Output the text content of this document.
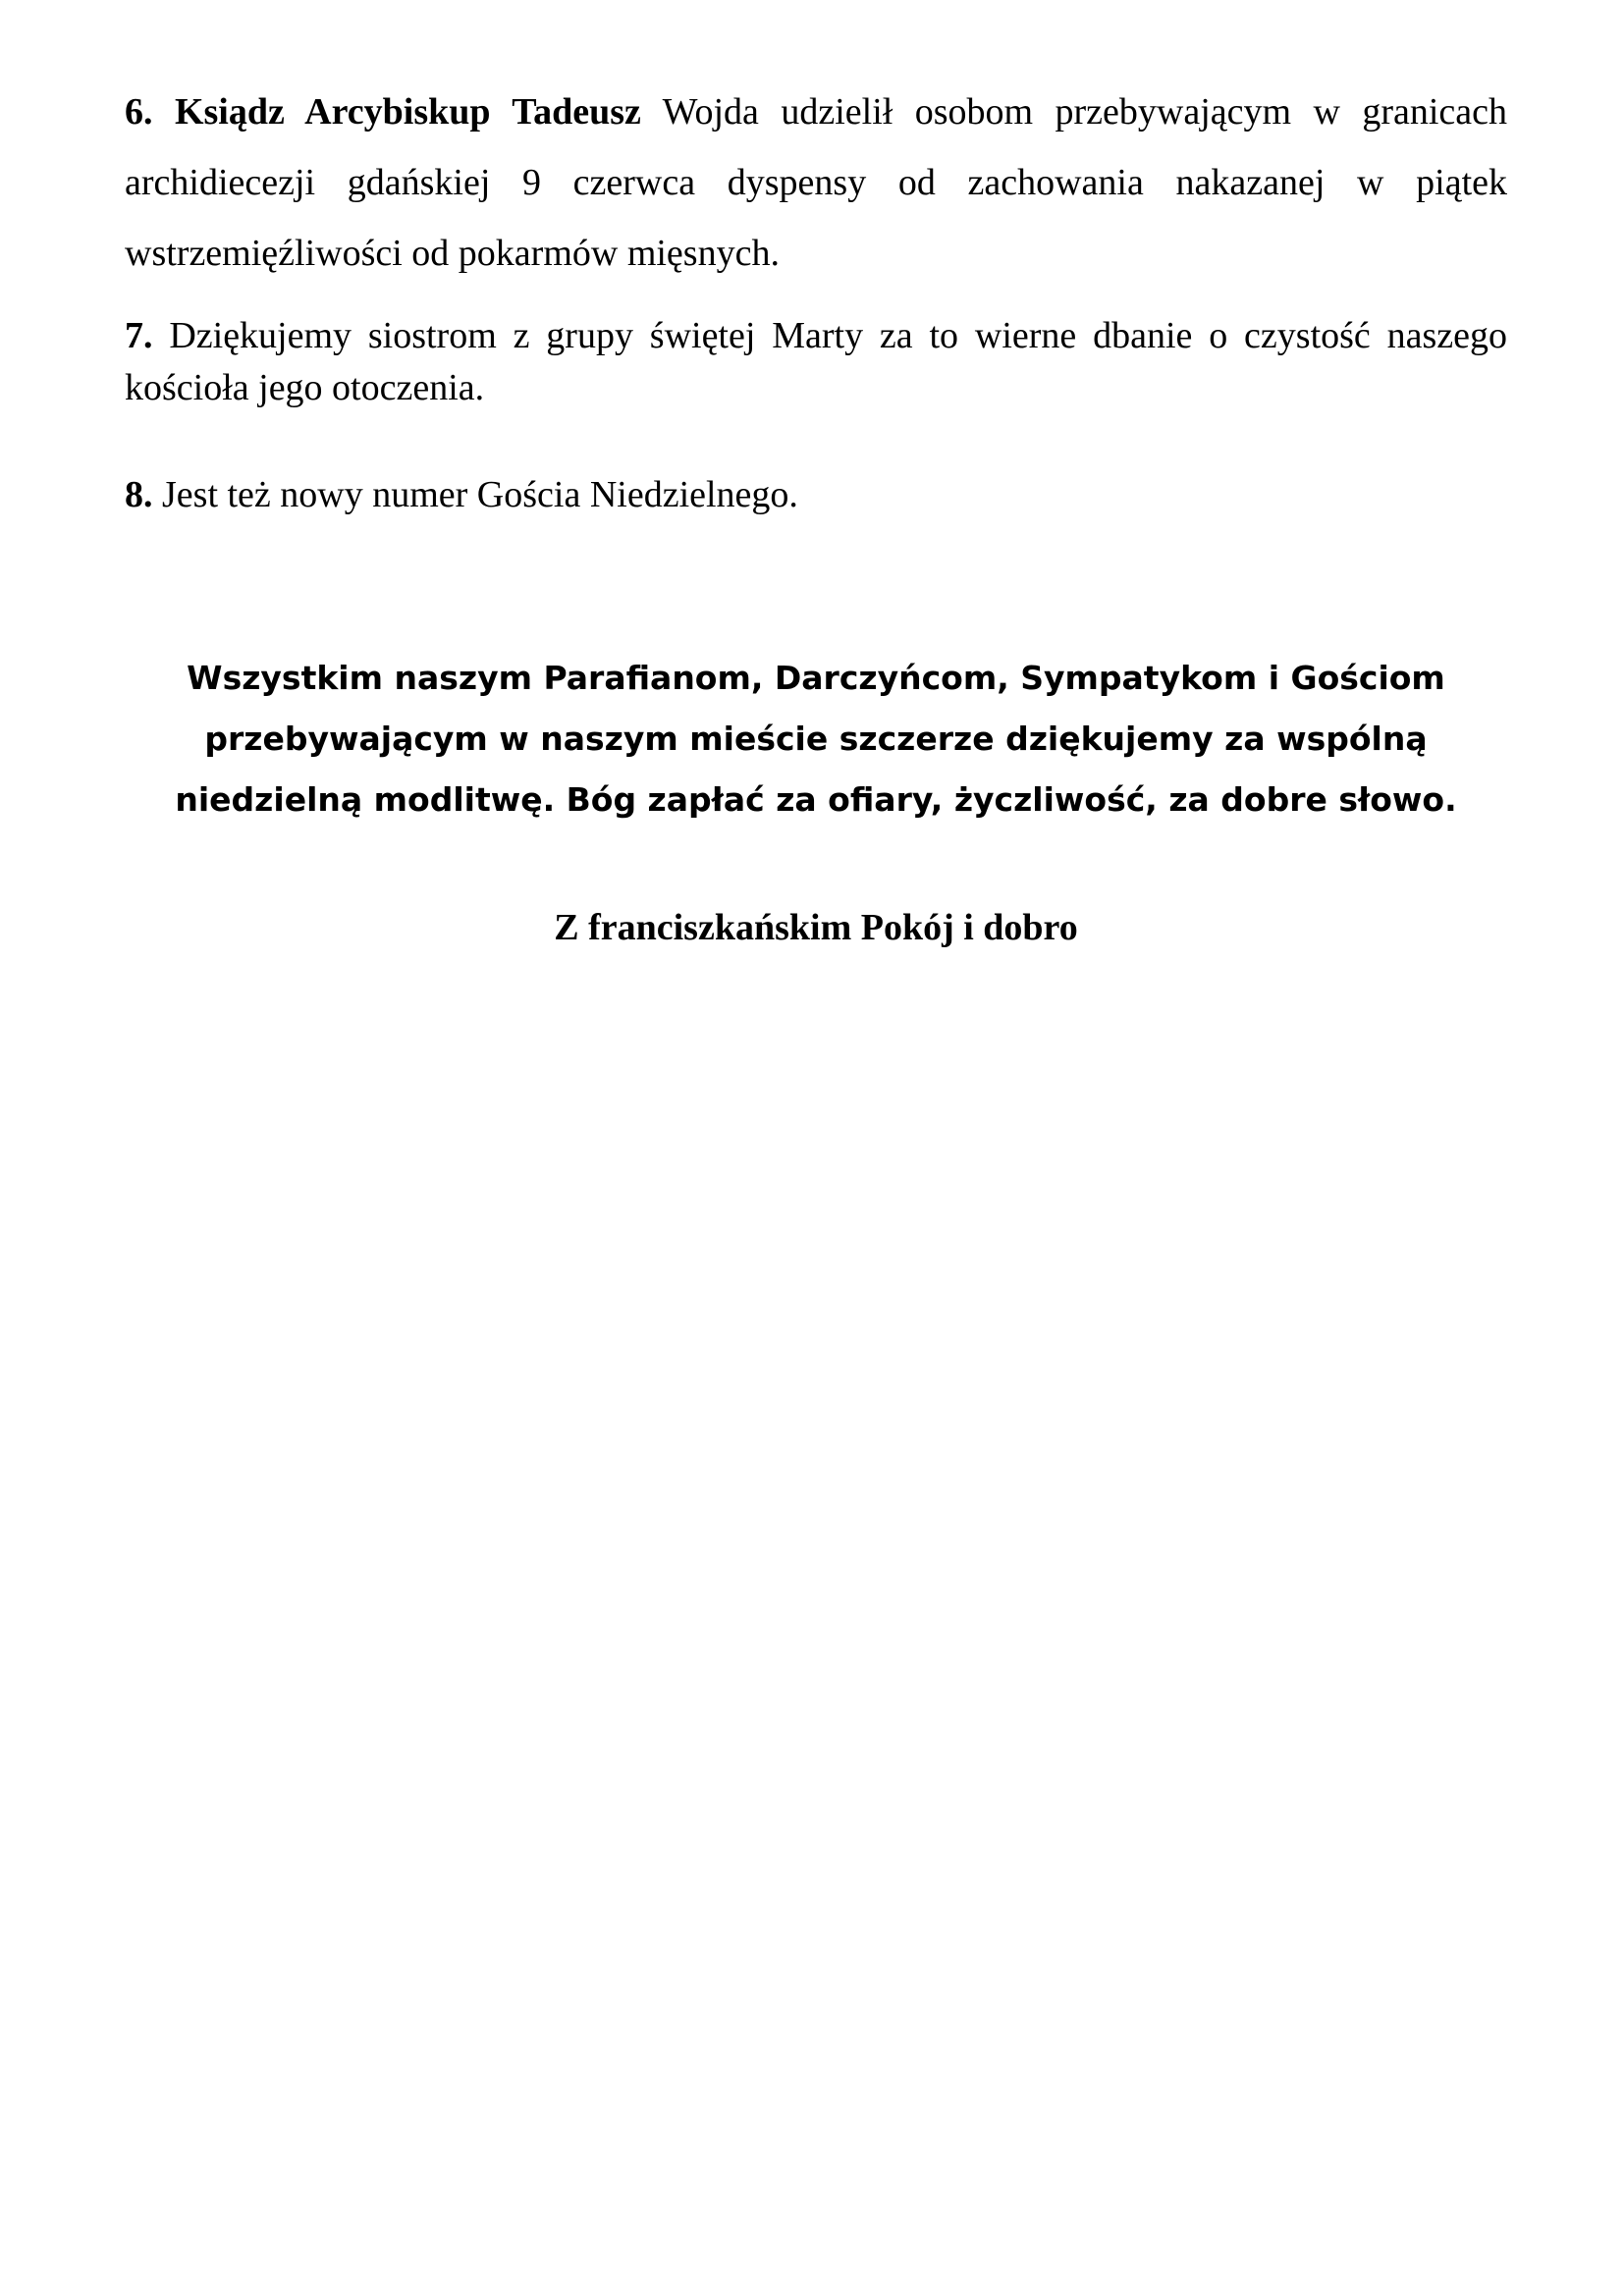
6. Ksiądz Arcybiskup Tadeusz Wojda udzielił osobom przebywającym w granicach archidiecezji gdańskiej 9 czerwca dyspensy od zachowania nakazanej w piątek wstrzemięźliwości od pokarmów mięsnych.

7. Dziękujemy siostrom z grupy świętej Marty za to wierne dbanie o czystość naszego kościoła jego otoczenia.

8. Jest też nowy numer Gościa Niedzielnego.

Wszystkim naszym Parafianom, Darczyńcom, Sympatykom i Gościom przebywającym w naszym mieście szczerze dziękujemy za wspólną niedzielną modlitwę. Bóg zapłać za ofiary, życzliwość, za dobre słowo.

Z franciszkańskim Pokój i dobro
